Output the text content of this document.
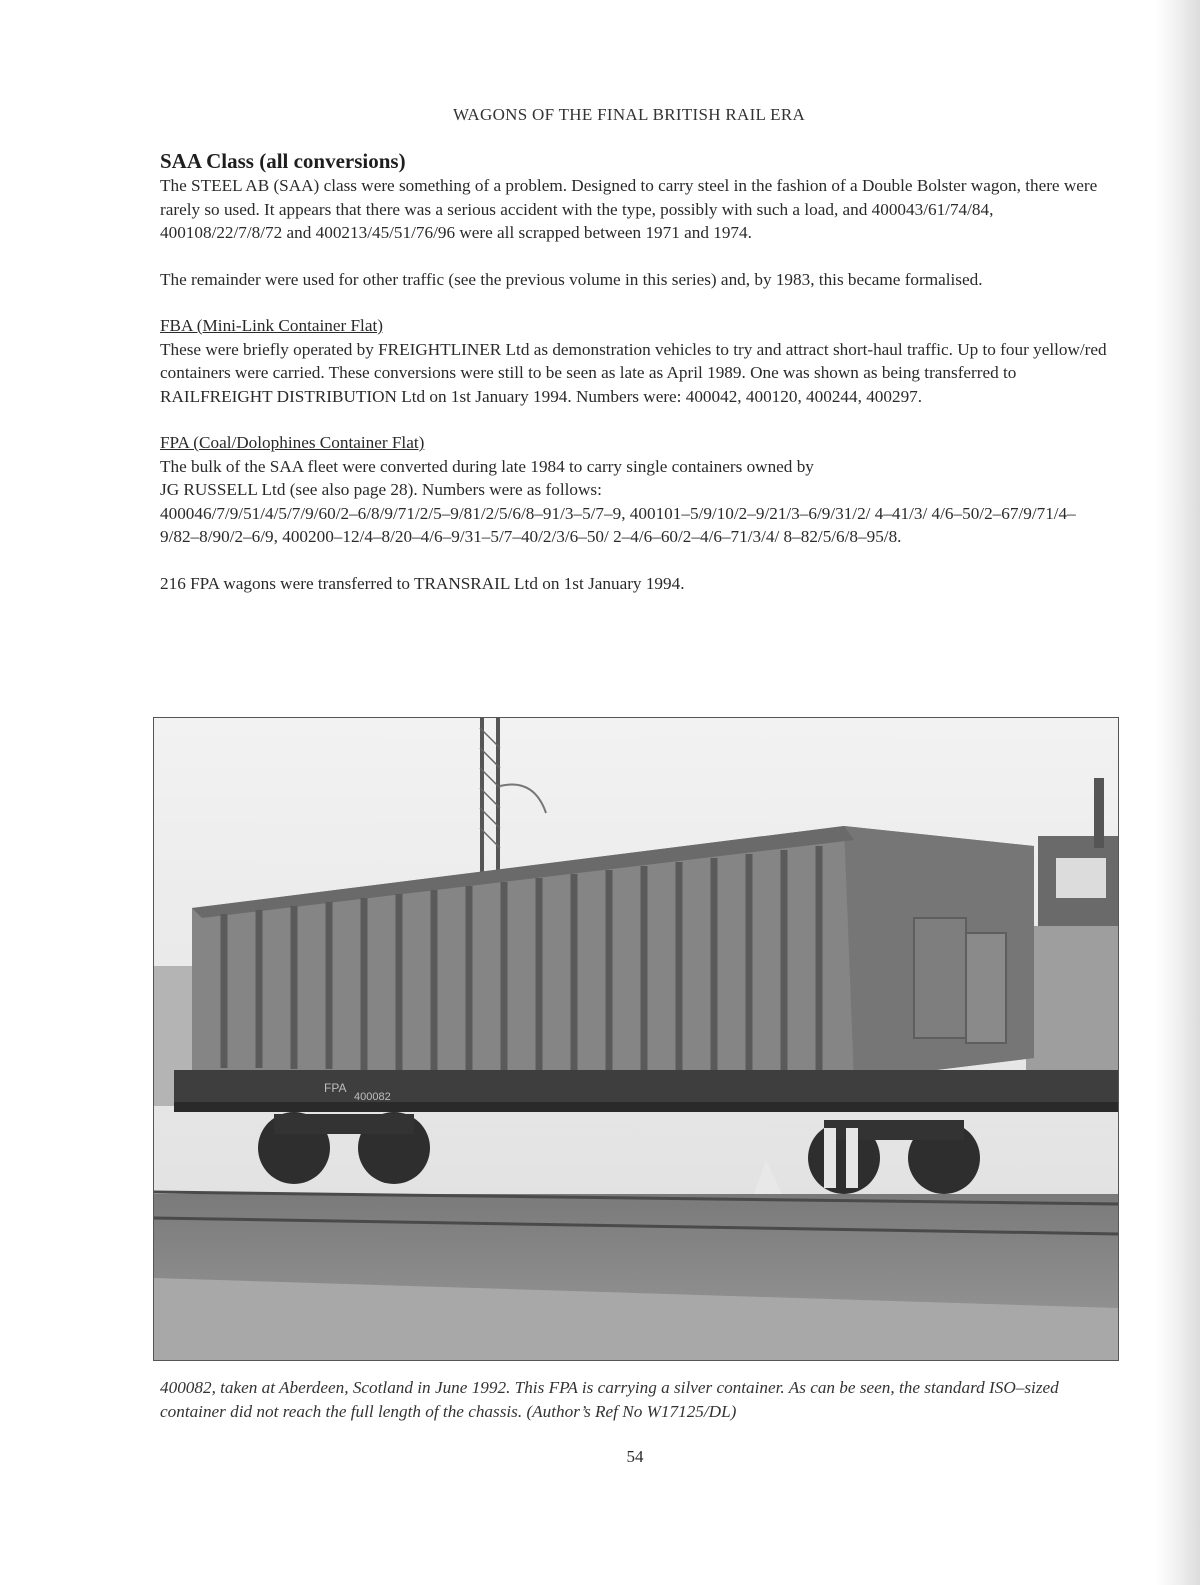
WAGONS OF THE FINAL BRITISH RAIL ERA
SAA Class (all conversions)

The STEEL AB (SAA) class were something of a problem. Designed to carry steel in the fashion of a Double Bolster wagon, there were rarely so used. It appears that there was a serious accident with the type, possibly with such a load, and 400043/61/74/84, 400108/22/7/8/72 and 400213/45/51/76/96 were all scrapped between 1971 and 1974.

The remainder were used for other traffic (see the previous volume in this series) and, by 1983, this became formalised.

FBA (Mini-Link Container Flat)

These were briefly operated by FREIGHTLINER Ltd as demonstration vehicles to try and attract short-haul traffic. Up to four yellow/red containers were carried. These conversions were still to be seen as late as April 1989. One was shown as being transferred to RAILFREIGHT DISTRIBUTION Ltd on 1st January 1994. Numbers were: 400042, 400120, 400244, 400297.

FPA (Coal/Dolophines Container Flat)

The bulk of the SAA fleet were converted during late 1984 to carry single containers owned by

JG RUSSELL Ltd (see also page 28). Numbers were as follows:

400046/7/9/51/4/5/7/9/60/2–6/8/9/71/2/5–9/81/2/5/6/8–91/3–5/7–9, 400101–5/9/10/2–9/21/3–6/9/31/2/ 4–41/3/ 4/6–50/2–67/9/71/4–9/82–8/90/2–6/9, 400200–12/4–8/20–4/6–9/31–5/7–40/2/3/6–50/ 2–4/6–60/2–4/6–71/3/4/ 8–82/5/6/8–95/8.

216 FPA wagons were transferred to TRANSRAIL Ltd on 1st January 1994.

FPA
400082
400082, taken at Aberdeen, Scotland in June 1992. This FPA is carrying a silver container. As can be seen, the standard ISO–sized container did not reach the full length of the chassis. (Author’s Ref No W17125/DL)
54
